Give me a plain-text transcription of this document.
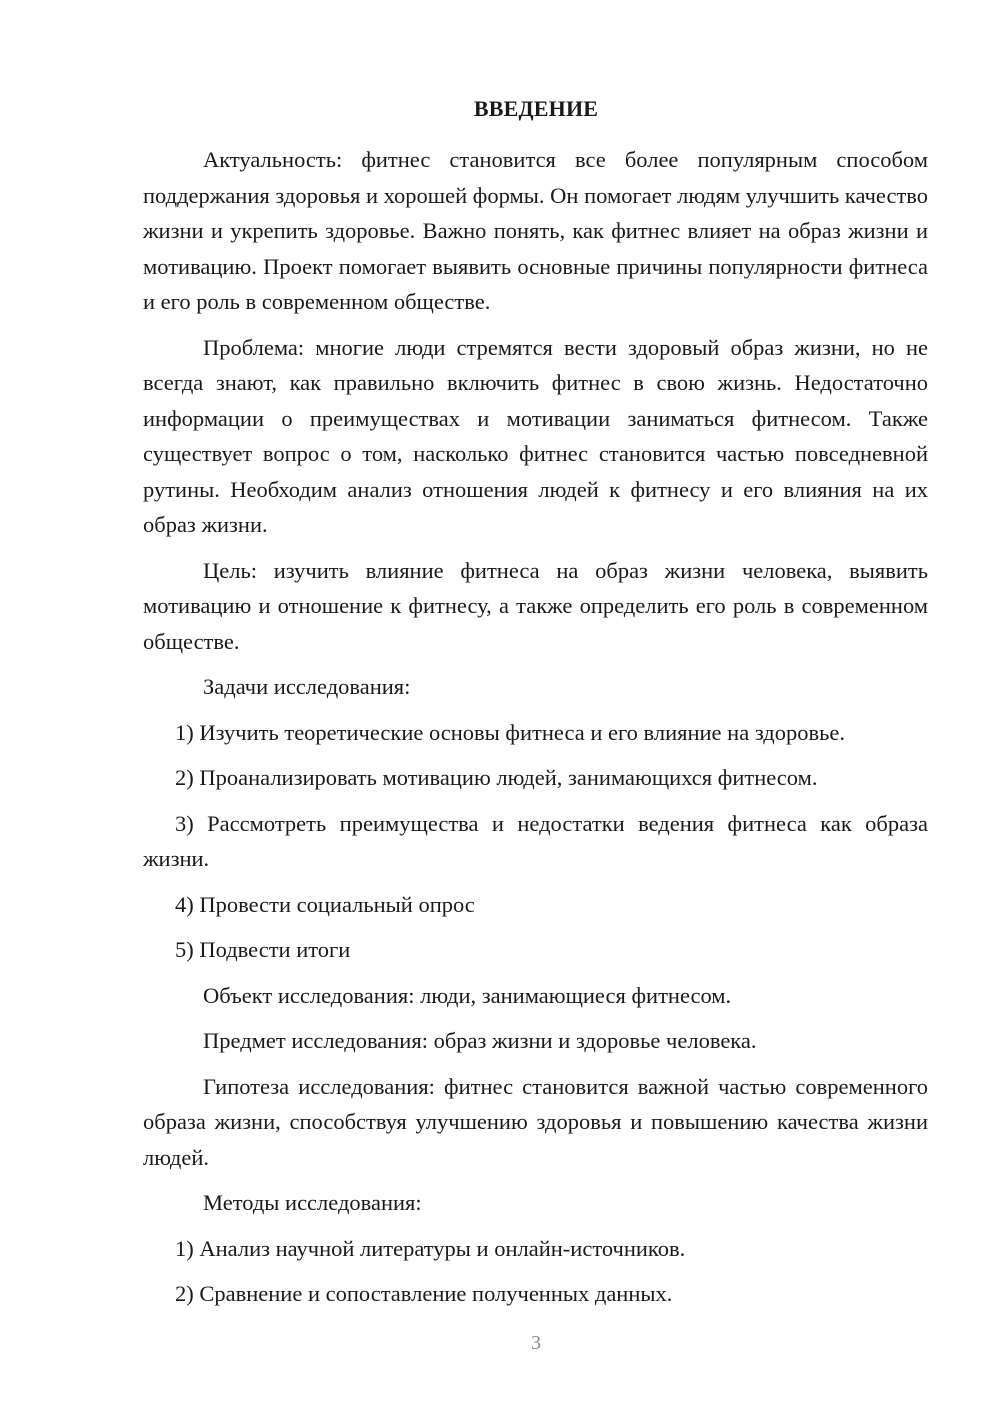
ВВЕДЕНИЕ

Актуальность: фитнес становится все более популярным способом поддержания здоровья и хорошей формы. Он помогает людям улучшить качество жизни и укрепить здоровье. Важно понять, как фитнес влияет на образ жизни и мотивацию. Проект помогает выявить основные причины популярности фитнеса и его роль в современном обществе.

Проблема: многие люди стремятся вести здоровый образ жизни, но не всегда знают, как правильно включить фитнес в свою жизнь. Недостаточно информации о преимуществах и мотивации заниматься фитнесом. Также существует вопрос о том, насколько фитнес становится частью повседневной рутины. Необходим анализ отношения людей к фитнесу и его влияния на их образ жизни.

Цель: изучить влияние фитнеса на образ жизни человека, выявить мотивацию и отношение к фитнесу, а также определить его роль в современном обществе.

Задачи исследования:

1) Изучить теоретические основы фитнеса и его влияние на здоровье.

2) Проанализировать мотивацию людей, занимающихся фитнесом.

3) Рассмотреть преимущества и недостатки ведения фитнеса как образа жизни.

4) Провести социальный опрос

5) Подвести итоги

Объект исследования: люди, занимающиеся фитнесом.

Предмет исследования: образ жизни и здоровье человека.

Гипотеза исследования: фитнес становится важной частью современного образа жизни, способствуя улучшению здоровья и повышению качества жизни людей.

Методы исследования:

1) Анализ научной литературы и онлайн-источников.

2) Сравнение и сопоставление полученных данных.

3
